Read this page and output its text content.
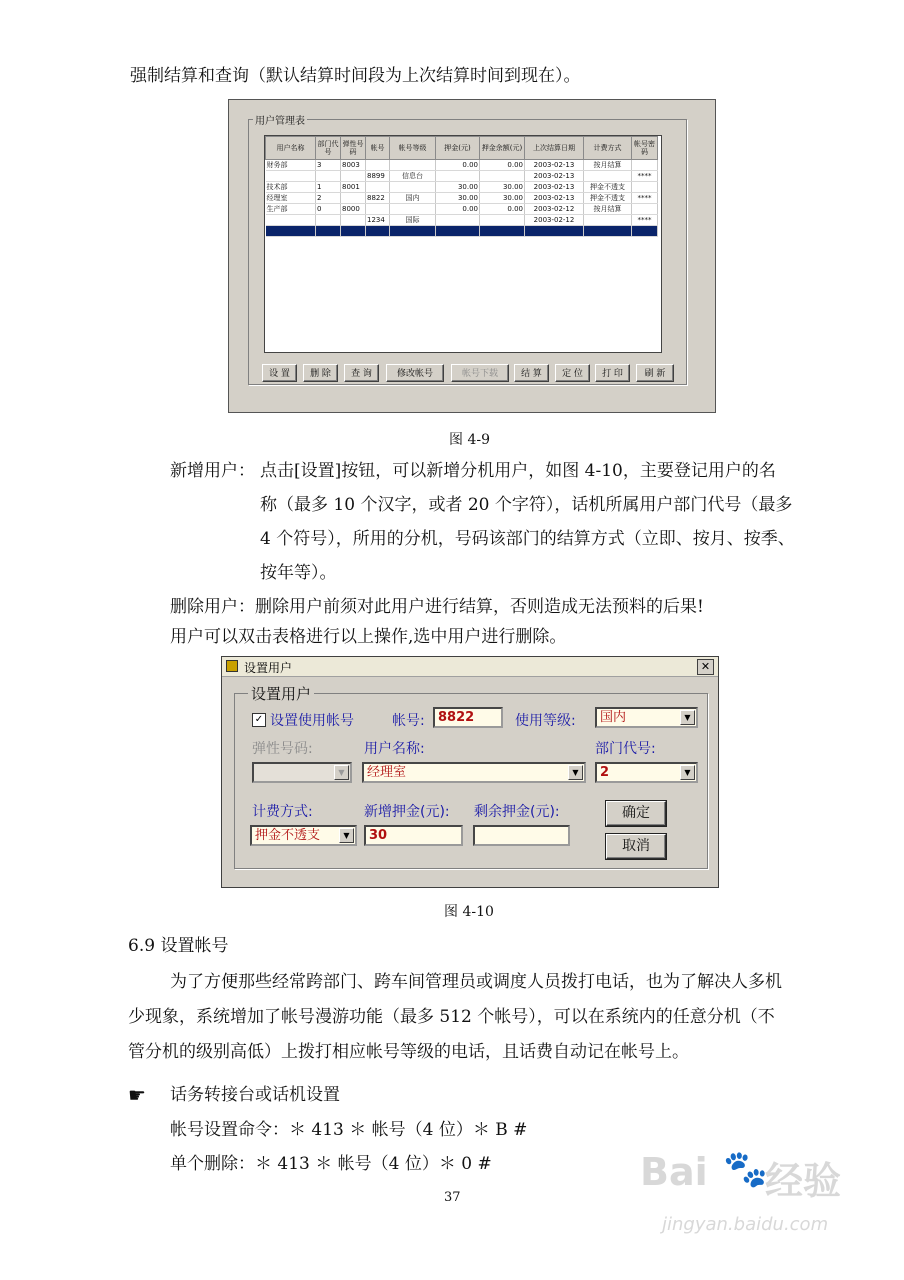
强制结算和查询（默认结算时间段为上次结算时间到现在）。
用户管理表
用户名称	部门代号	弹性号码	帐号	帐号等级	押金(元)	押金余额(元)	上次结算日期	计费方式	帐号密码
财务部	3	8003			0.00	0.00	2003-02-13	按月结算	
			8899	信息台			2003-02-13		****
技术部	1	8001			30.00	30.00	2003-02-13	押金不透支	
经理室	2		8822	国内	30.00	30.00	2003-02-13	押金不透支	****
生产部	0	8000			0.00	0.00	2003-02-12	按月结算	
			1234	国际			2003-02-12		****

设 置	删 除	查 询	修改帐号	帐号下载	结 算	定 位	打 印	刷 新
图 4-9
新增用户： 点击[设置]按钮，可以新增分机用户，如图 4-10，主要登记用户的名
称（最多 10 个汉字，或者 20 个字符），话机所属用户部门代号（最多
4 个符号），所用的分机，号码该部门的结算方式（立即、按月、按季、
按年等）。
删除用户：删除用户前须对此用户进行结算，否则造成无法预料的后果!
用户可以双击表格进行以上操作,选中用户进行删除。
设置用户	✕
设置用户
✓ 设置使用帐号	帐号:	8822	使用等级:	国内	▼
弹性号码:	用户名称:	部门代号:
▼	经理室	▼	2	▼
计费方式:	新增押金(元): 剩余押金(元):
押金不透支	▼	30
确定
取消
图 4-10
6.9 设置帐号
为了方便那些经常跨部门、跨车间管理员或调度人员拨打电话，也为了解决人多机
少现象，系统增加了帐号漫游功能（最多 512 个帐号），可以在系统内的任意分机（不
管分机的级别高低）上拨打相应帐号等级的电话，且话费自动记在帐号上。
☛ 话务转接台或话机设置
帐号设置命令：＊ 413 ＊ 帐号（4 位）＊ B #
单个删除：＊ 413 ＊ 帐号（4 位）＊ 0 #
37
Bai 🐾
经验
jingyan.baidu.com
